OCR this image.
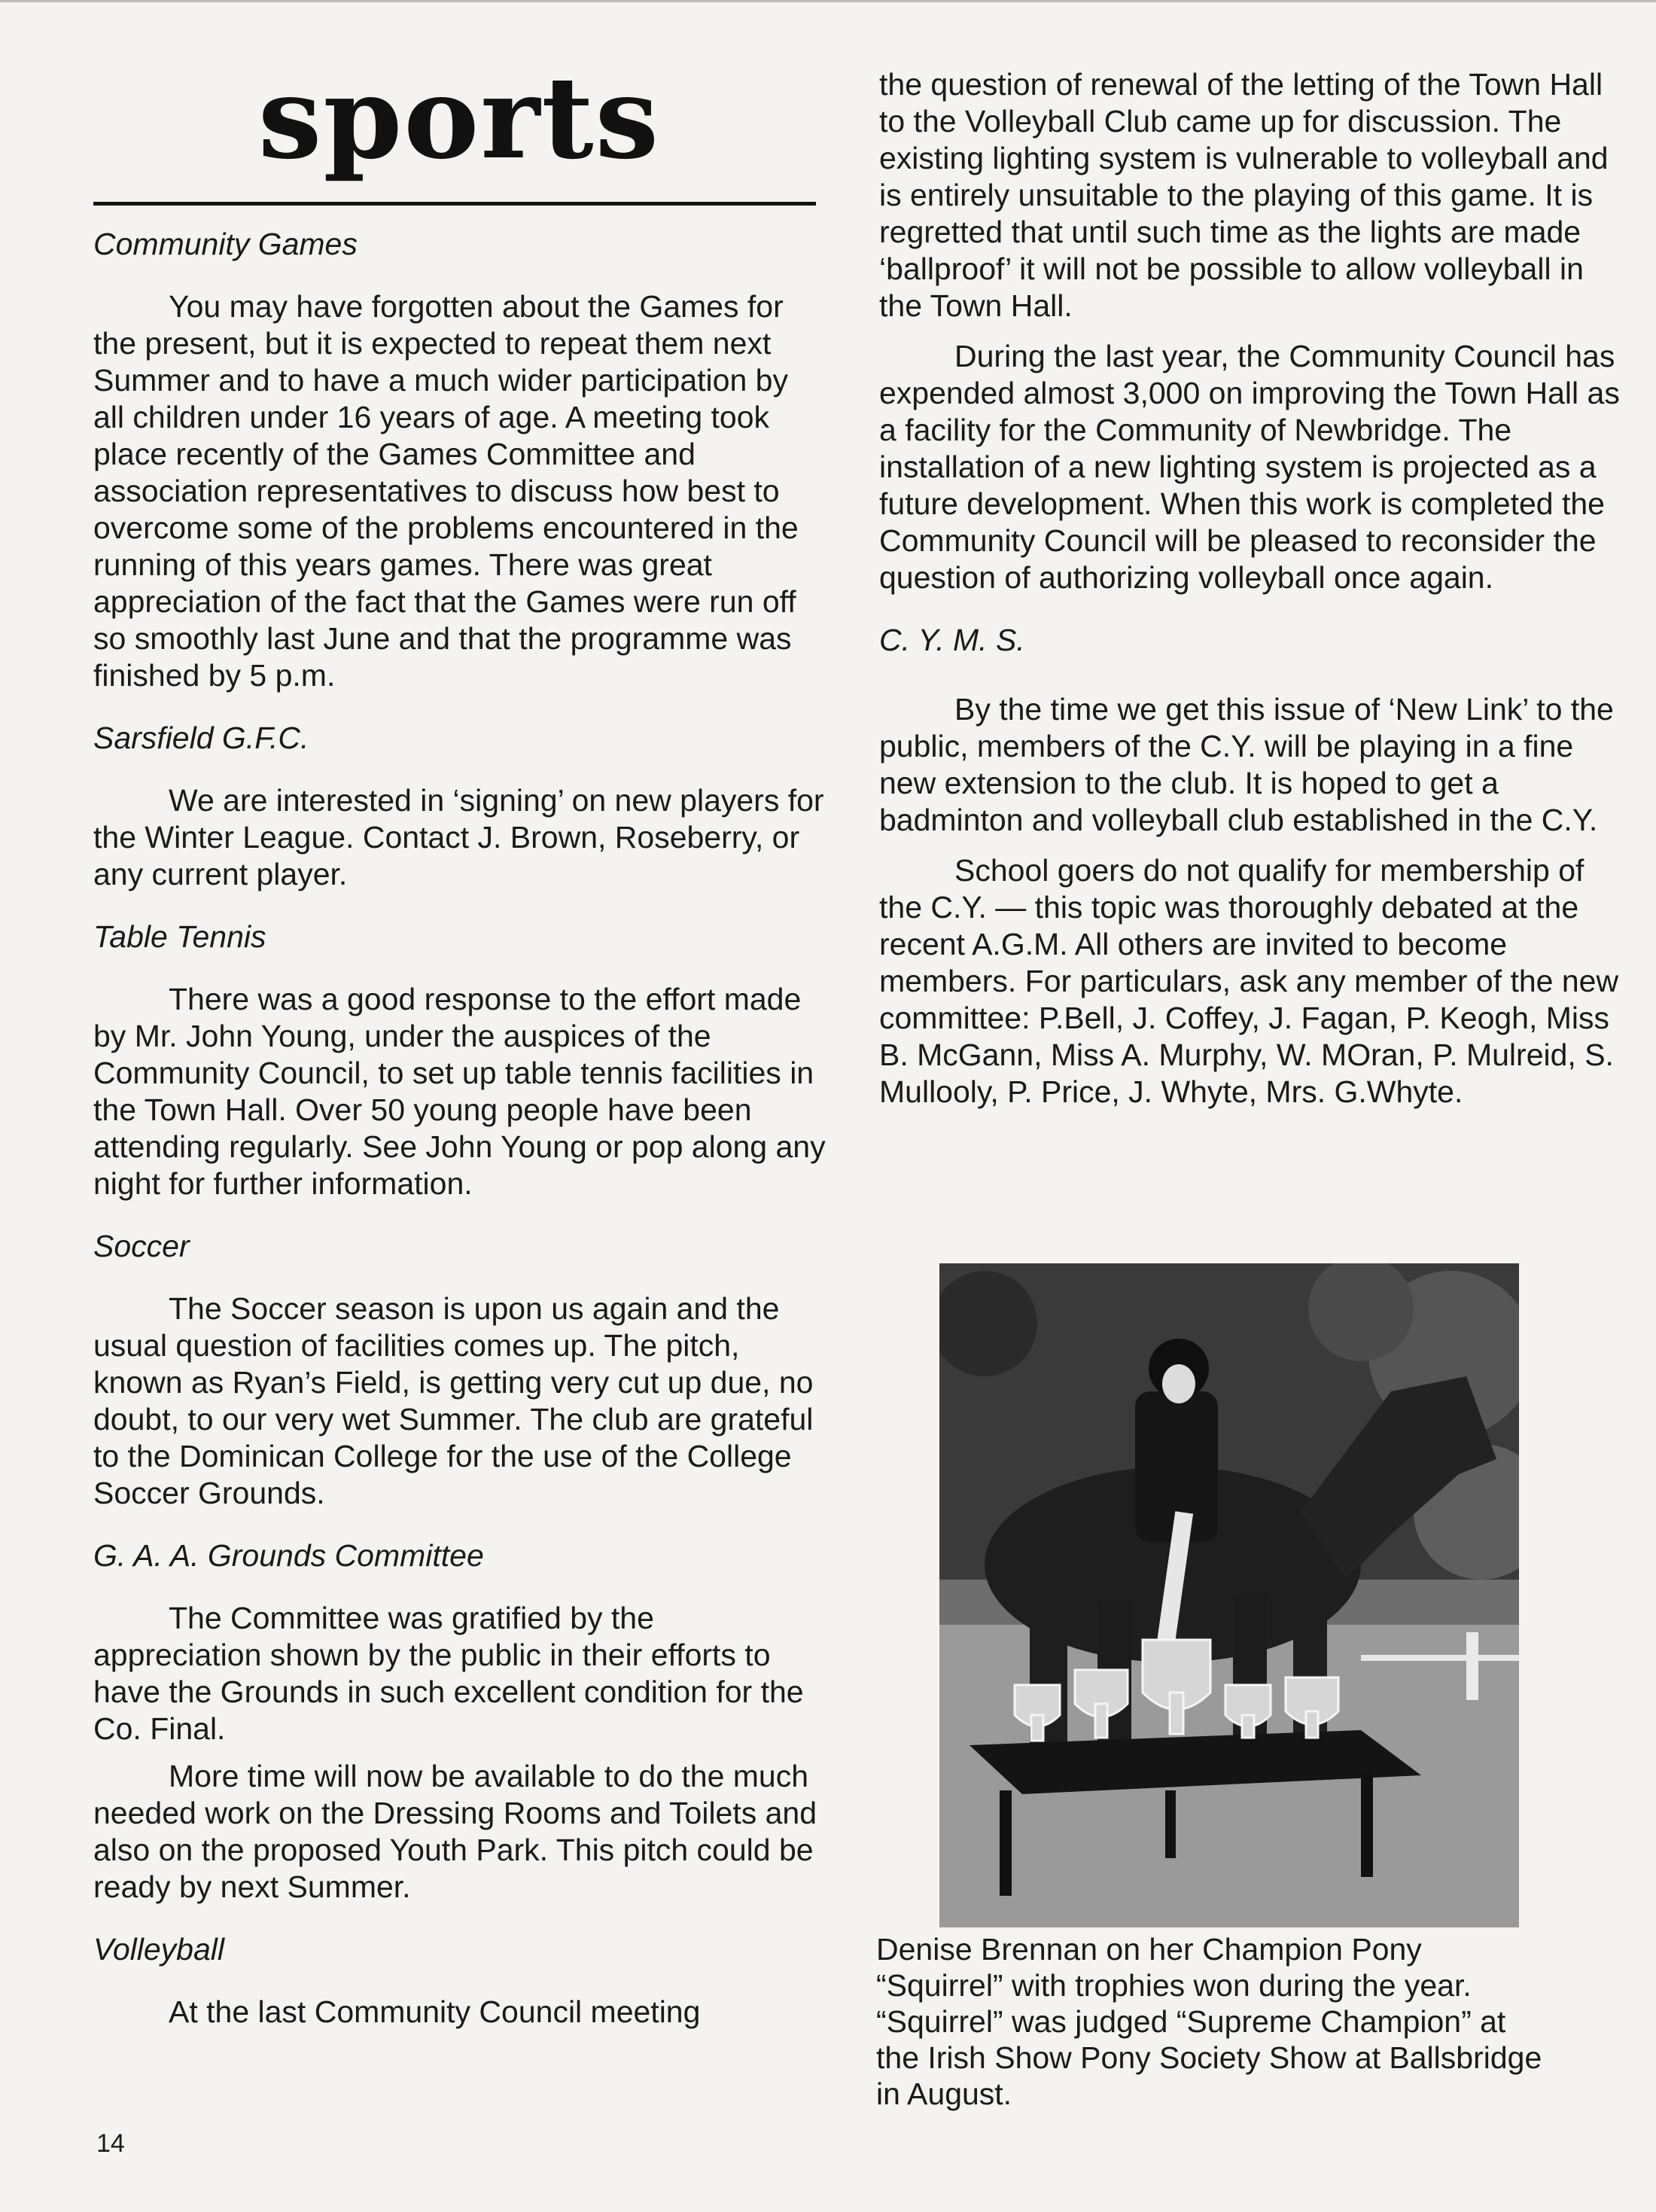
sports
Community Games
You may have forgotten about the Games for the present, but it is expected to repeat them next Summer and to have a much wider participation by all children under 16 years of age. A meeting took place recently of the Games Committee and association representatives to discuss how best to overcome some of the problems encountered in the running of this years games. There was great appreciation of the fact that the Games were run off so smoothly last June and that the programme was finished by 5 p.m.
Sarsfield G.F.C.
We are interested in ‘signing’ on new players for the Winter League. Contact J. Brown, Roseberry, or any current player.
Table Tennis
There was a good response to the effort made by Mr. John Young, under the auspices of the Community Council, to set up table tennis facilities in the Town Hall. Over 50 young people have been attending regularly. See John Young or pop along any night for further information.
Soccer
The Soccer season is upon us again and the usual question of facilities comes up. The pitch, known as Ryan’s Field, is getting very cut up due, no doubt, to our very wet Summer. The club are grateful to the Dominican College for the use of the College Soccer Grounds.
G. A. A. Grounds Committee
The Committee was gratified by the appreciation shown by the public in their efforts to have the Grounds in such excellent condition for the Co. Final.
More time will now be available to do the much needed work on the Dressing Rooms and Toilets and also on the proposed Youth Park. This pitch could be ready by next Summer.
Volleyball
At the last Community Council meeting
the question of renewal of the letting of the Town Hall to the Volleyball Club came up for discussion. The existing lighting system is vulnerable to volleyball and is entirely unsuitable to the playing of this game. It is regretted that until such time as the lights are made ‘ballproof’ it will not be possible to allow volleyball in the Town Hall.
During the last year, the Community Council has expended almost 3,000 on improving the Town Hall as a facility for the Community of Newbridge. The installation of a new lighting system is projected as a future development. When this work is completed the Community Council will be pleased to reconsider the question of authorizing volleyball once again.
C. Y. M. S.
By the time we get this issue of ‘New Link’ to the public, members of the C.Y. will be playing in a fine new extension to the club. It is hoped to get a badminton and volleyball club established in the C.Y.
School goers do not qualify for membership of the C.Y. — this topic was thoroughly debated at the recent A.G.M. All others are invited to become members. For particulars, ask any member of the new committee: P.Bell, J. Coffey, J. Fagan, P. Keogh, Miss B. McGann, Miss A. Murphy, W. MOran, P. Mulreid, S. Mullooly, P. Price, J. Whyte, Mrs. G.Whyte.
Denise Brennan on her Champion Pony “Squirrel” with trophies won during the year. “Squirrel” was judged “Supreme Champion” at the Irish Show Pony Society Show at Ballsbridge in August.
14
